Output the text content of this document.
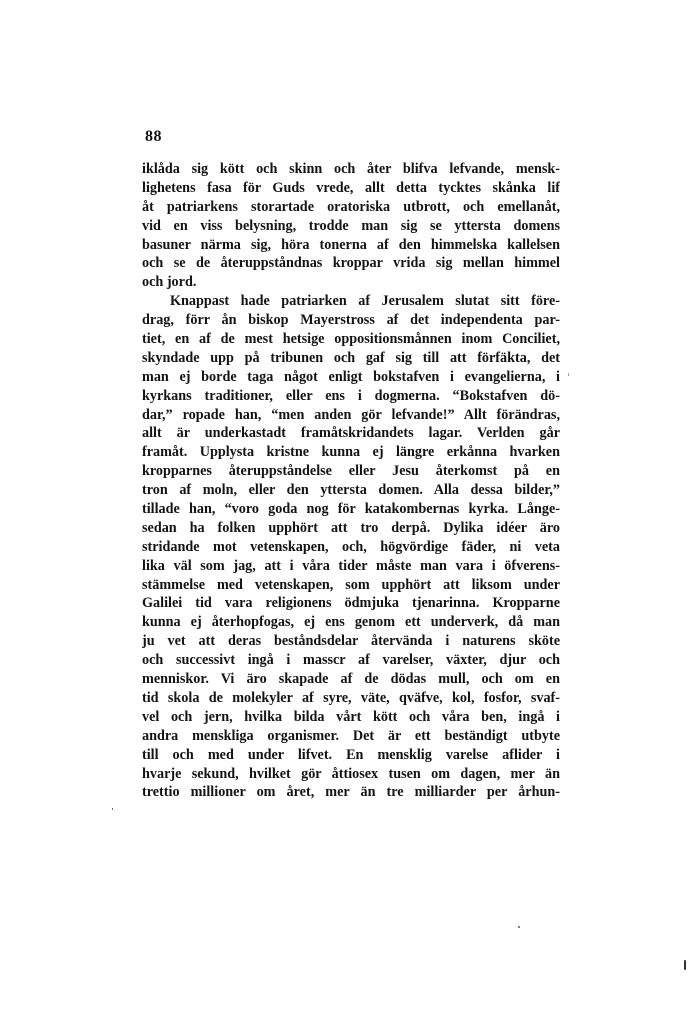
88
iklåda sig kött och skinn och åter blifva lefvande, mensk-
lighetens fasa för Guds vrede, allt detta tycktes skånka lif
åt patriarkens storartade oratoriska utbrott, och emellanåt,
vid en viss belysning, trodde man sig se yttersta domens
basuner närma sig, höra tonerna af den himmelska kallelsen
och se de återuppståndnas kroppar vrida sig mellan himmel
och jord.
Knappast hade patriarken af Jerusalem slutat sitt före-
drag, förr ån biskop Mayerstross af det independenta par-
tiet, en af de mest hetsige oppositionsmånnen inom Conciliet,
skyndade upp på tribunen och gaf sig till att förfäkta, det
man ej borde taga något enligt bokstafven i evangelierna, i
kyrkans traditioner, eller ens i dogmerna. “Bokstafven dö-
dar,” ropade han, “men anden gör lefvande!” Allt förändras,
allt är underkastadt framåtskridandets lagar. Verlden går
framåt. Upplysta kristne kunna ej längre erkånna hvarken
kropparnes återuppståndelse eller Jesu återkomst på en
tron af moln, eller den yttersta domen. Alla dessa bilder,”
tillade han, “voro goda nog för katakombernas kyrka. Långe-
sedan ha folken upphört att tro derpå. Dylika idéer äro
stridande mot vetenskapen, och, högvördige fäder, ni veta
lika väl som jag, att i våra tider måste man vara i öfverens-
stämmelse med vetenskapen, som upphört att liksom under
Galilei tid vara religionens ödmjuka tjenarinna. Kropparne
kunna ej återhopfogas, ej ens genom ett underverk, då man
ju vet att deras beståndsdelar återvända i naturens sköte
och successivt ingå i masscr af varelser, växter, djur och
menniskor. Vi äro skapade af de dödas mull, och om en
tid skola de molekyler af syre, väte, qväfve, kol, fosfor, svaf-
vel och jern, hvilka bilda vårt kött och våra ben, ingå i
andra menskliga organismer. Det är ett beständigt utbyte
till och med under lifvet. En mensklig varelse aflider i
hvarje sekund, hvilket gör åttiosex tusen om dagen, mer än
trettio millioner om året, mer än tre milliarder per århun-
